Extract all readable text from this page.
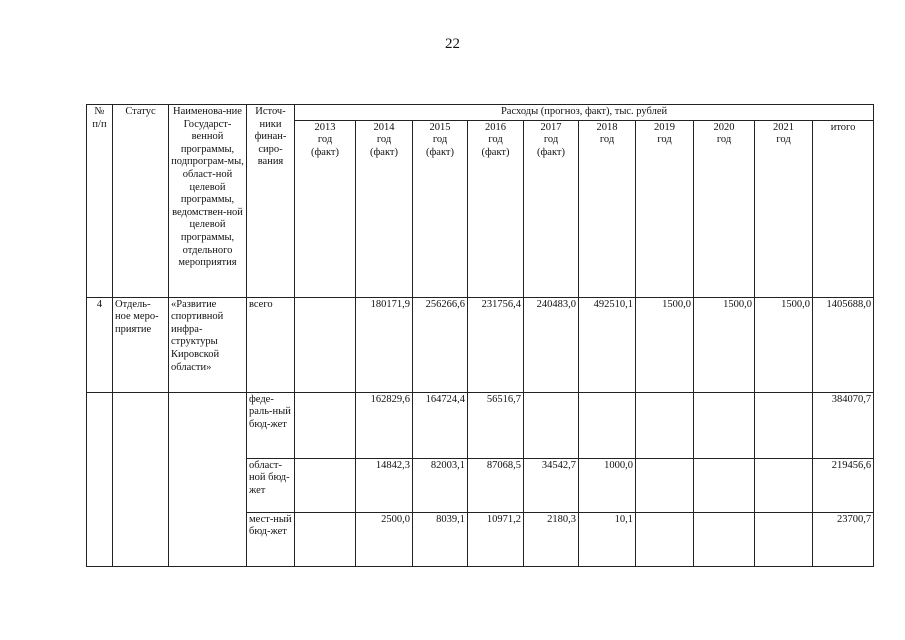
22
№ п/п	Статус	Наименова-ние Государст-венной программы, подпрограм-мы, област-ной целевой программы, ведомствен-ной целевой программы, отдельного мероприятия	Источ-ники финан-сиро-вания	Расходы (прогноз, факт), тыс. рублей									
				2013
год
(факт)	2014
год
(факт)	2015
год
(факт)	2016
год
(факт)	2017
год
(факт)	2018
год	2019
год	2020
год	2021
год	итого
4	Отдель-ное меро-приятие	«Развитие спортивной инфра-структуры Кировской области»	всего		180171,9	256266,6	231756,4	240483,0	492510,1	1500,0	1500,0	1500,0	1405688,0
			феде-раль-ный бюд-жет		162829,6	164724,4	56516,7						384070,7
			област-ной бюд-жет		14842,3	82003,1	87068,5	34542,7	1000,0				219456,6
			мест-ный бюд-жет		2500,0	8039,1	10971,2	2180,3	10,1				23700,7
